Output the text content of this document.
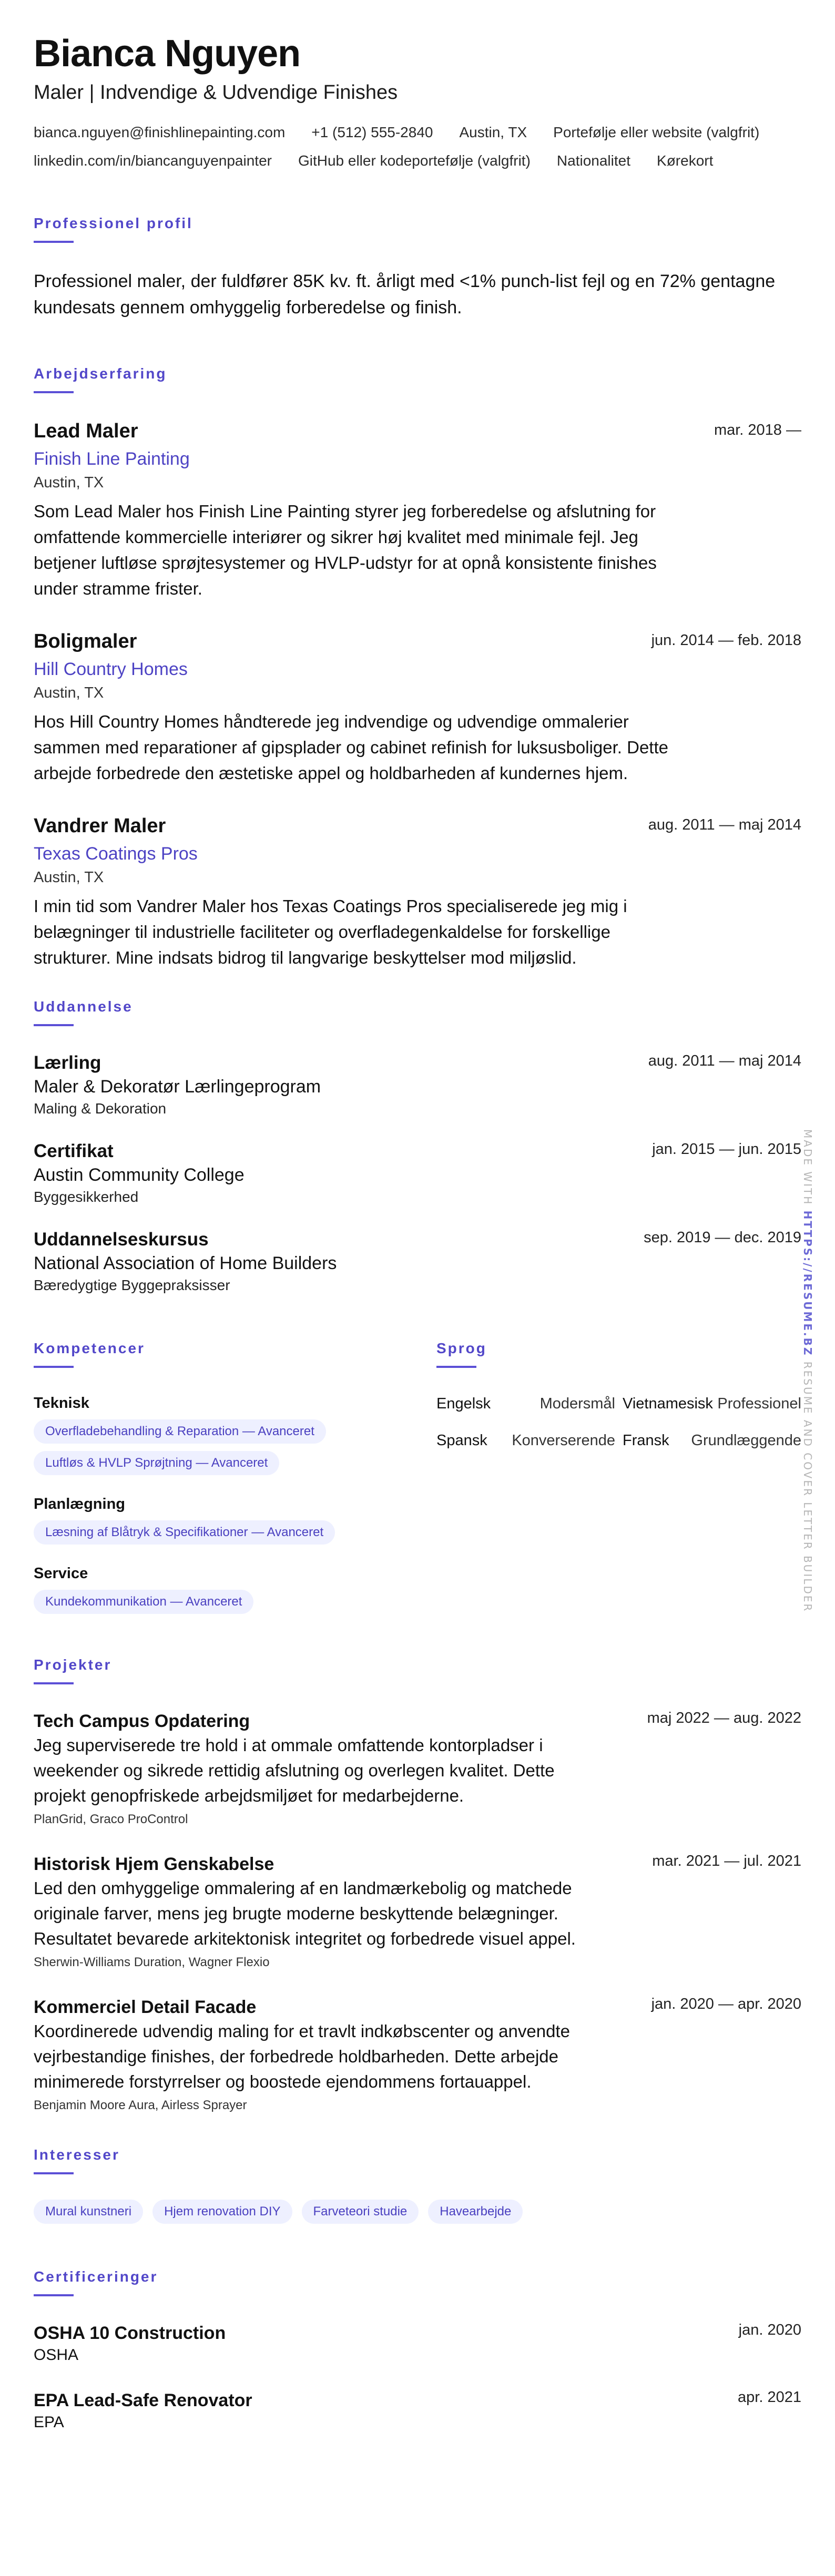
Bianca Nguyen
Maler | Indvendige & Udvendige Finishes
bianca.nguyen@finishlinepainting.com +1 (512) 555-2840 Austin, TX Portefølje eller website (valgfrit)
linkedin.com/in/biancanguyenpainter GitHub eller kodeportefølje (valgfrit) Nationalitet Kørekort
Professionel profil

Professionel maler, der fuldfører 85K kv. ft. årligt med <1% punch-list fejl og en 72% gentagne kundesats gennem omhyggelig forberedelse og finish.

Arbejdserfaring
mar. 2018 —
Lead Maler
Finish Line Painting
Austin, TX
Som Lead Maler hos Finish Line Painting styrer jeg forberedelse og afslutning for omfattende kommercielle interiører og sikrer høj kvalitet med minimale fejl. Jeg betjener luftløse sprøjtesystemer og HVLP-udstyr for at opnå konsistente finishes under stramme frister.
jun. 2014 — feb. 2018
Boligmaler
Hill Country Homes
Austin, TX
Hos Hill Country Homes håndterede jeg indvendige og udvendige ommalerier sammen med reparationer af gipsplader og cabinet refinish for luksusboliger. Dette arbejde forbedrede den æstetiske appel og holdbarheden af kundernes hjem.
aug. 2011 — maj 2014
Vandrer Maler
Texas Coatings Pros
Austin, TX
I min tid som Vandrer Maler hos Texas Coatings Pros specialiserede jeg mig i belægninger til industrielle faciliteter og overfladegenkaldelse for forskellige strukturer. Mine indsats bidrog til langvarige beskyttelser mod miljøslid.
Uddannelse
aug. 2011 — maj 2014
Lærling
Maler & Dekoratør Lærlingeprogram
Maling & Dekoration
jan. 2015 — jun. 2015
Certifikat
Austin Community College
Byggesikkerhed
sep. 2019 — dec. 2019
Uddannelseskursus
National Association of Home Builders
Bæredygtige Byggepraksisser
Kompetencer
Teknisk
Overfladebehandling & Reparation — Avanceret
Luftløs & HVLP Sprøjtning — Avanceret
Planlægning
Læsning af Blåtryk & Specifikationer — Avanceret
Service
Kundekommunikation — Avanceret
Sprog
Engelsk	Modersmål Vietnamesisk Professionel
Spansk Konverserende Fransk Grundlæggende
Projekter
maj 2022 — aug. 2022
Tech Campus Opdatering
Jeg superviserede tre hold i at ommale omfattende kontorpladser i weekender og sikrede rettidig afslutning og overlegen kvalitet. Dette projekt genopfriskede arbejdsmiljøet for medarbejderne.
PlanGrid, Graco ProControl
mar. 2021 — jul. 2021
Historisk Hjem Genskabelse
Led den omhyggelige ommalering af en landmærkebolig og matchede originale farver, mens jeg brugte moderne beskyttende belægninger. Resultatet bevarede arkitektonisk integritet og forbedrede visuel appel.
Sherwin-Williams Duration, Wagner Flexio
jan. 2020 — apr. 2020
Kommerciel Detail Facade
Koordinerede udvendig maling for et travlt indkøbscenter og anvendte vejrbestandige finishes, der forbedrede holdbarheden. Dette arbejde minimerede forstyrrelser og boostede ejendommens fortauappel.
Benjamin Moore Aura, Airless Sprayer
Interesser
Mural kunstneri	Hjem renovation DIY	Farveteori studie	Havearbejde
Certificeringer
jan. 2020
OSHA 10 Construction
OSHA
apr. 2021
EPA Lead-Safe Renovator
EPA
MADE WITH HTTPS://RESUME.BZ RESUME AND COVER LETTER BUILDER
